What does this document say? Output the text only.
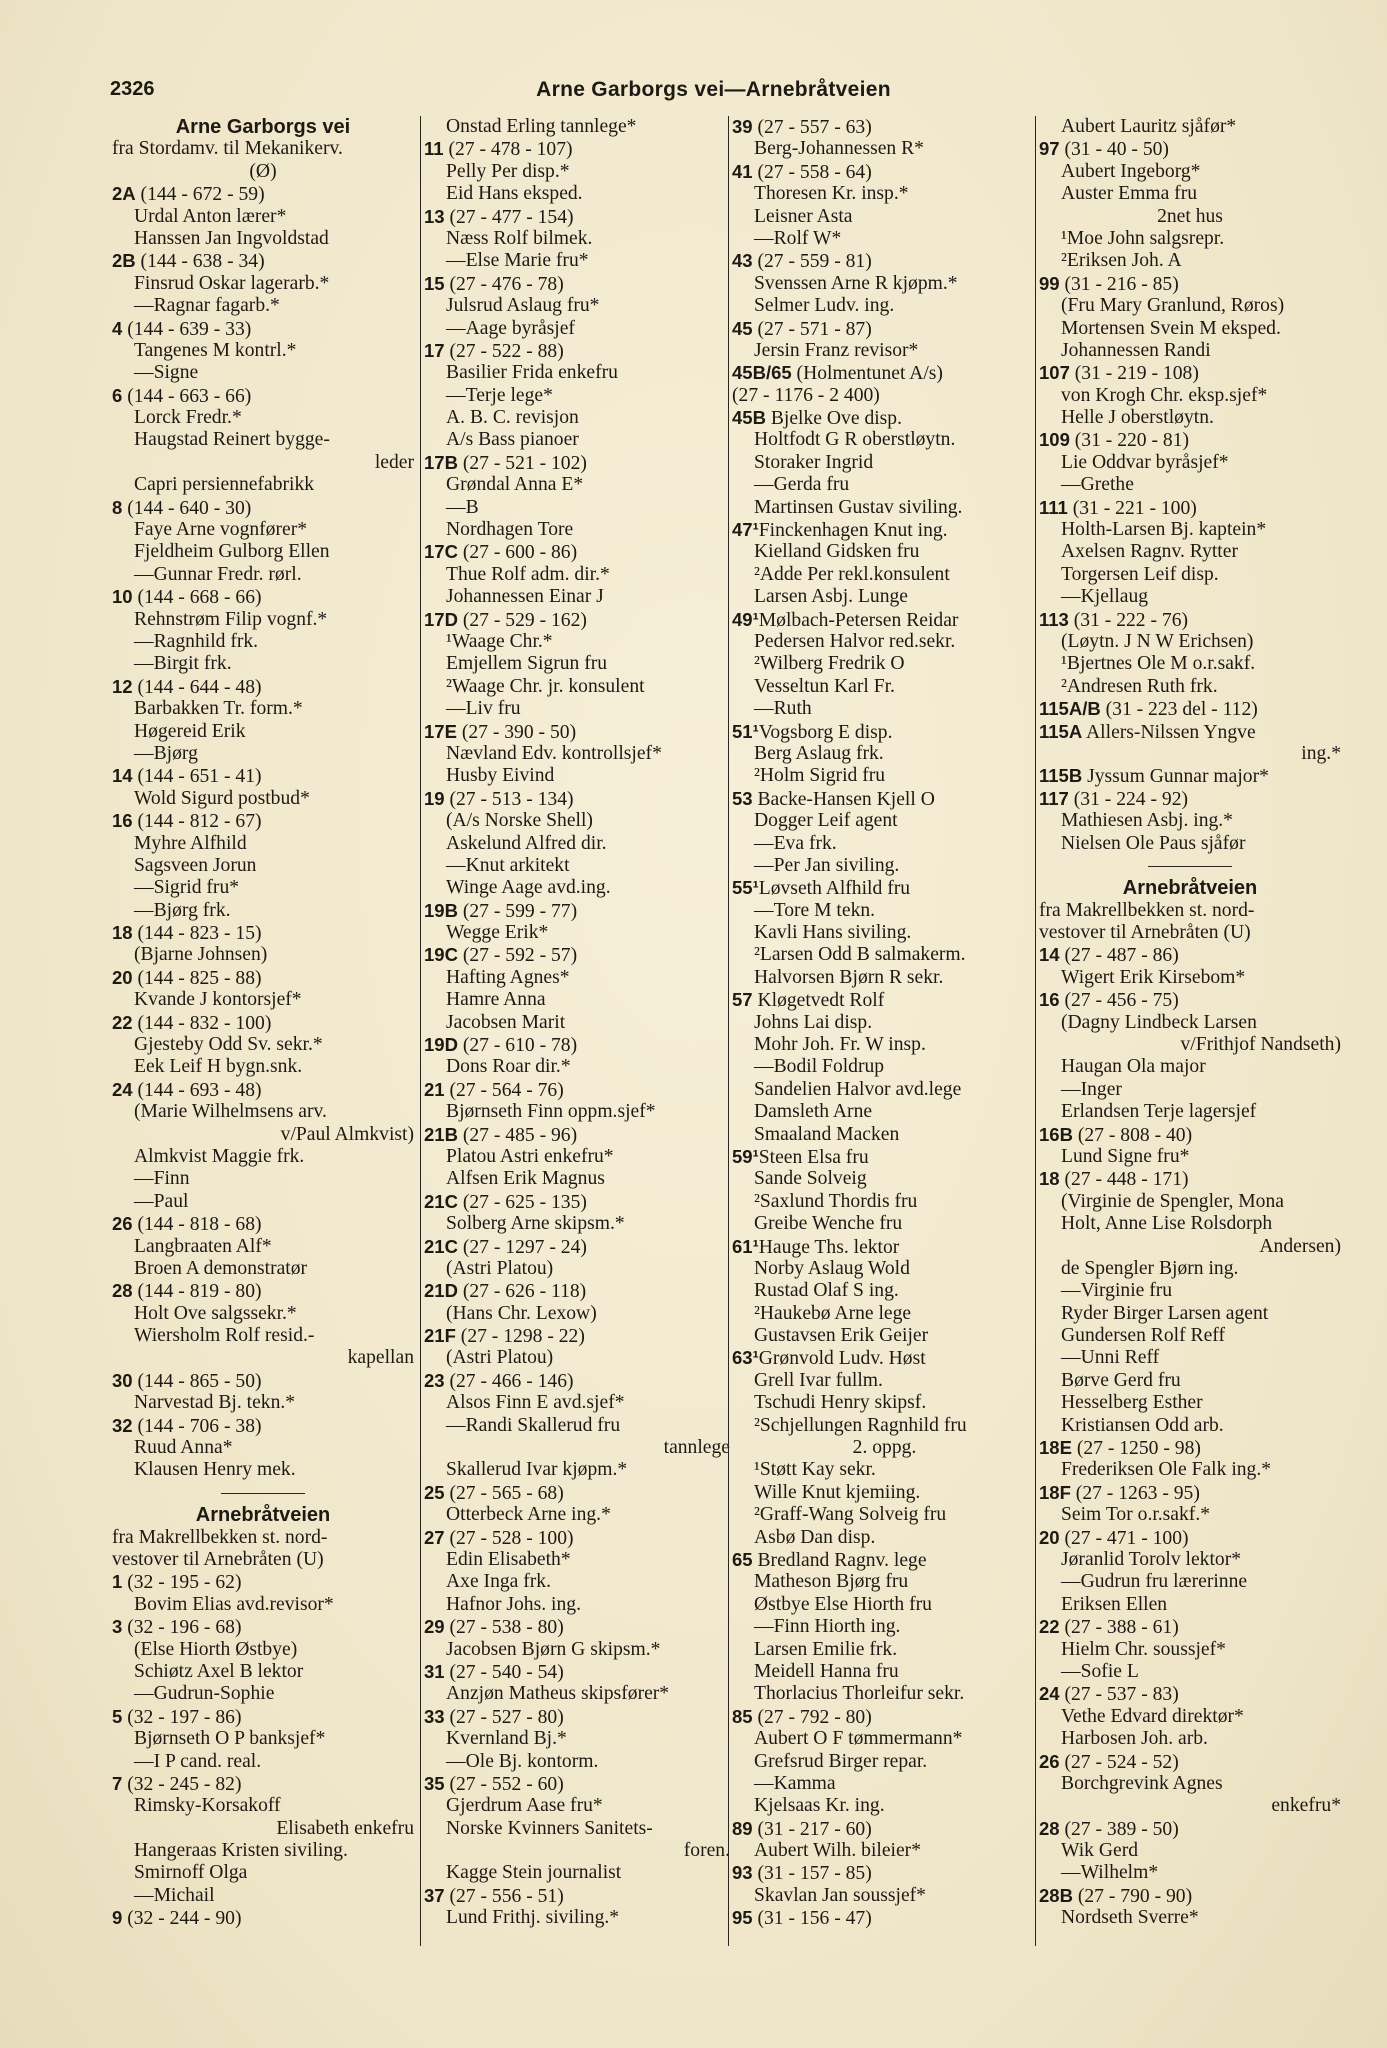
2326	Arne Garborgs vei—Arnebråtveien
Arne Garborgs vei
fra Stordamv. til Mekanikerv.
(Ø)
2A (144 - 672 - 59)
Urdal Anton lærer*
Hanssen Jan Ingvoldstad
2B (144 - 638 - 34)
Finsrud Oskar lagerarb.*
—Ragnar fagarb.*
4 (144 - 639 - 33)
Tangenes M kontrl.*
—Signe
6 (144 - 663 - 66)
Lorck Fredr.*
Haugstad Reinert bygge-
leder
Capri persiennefabrikk
8 (144 - 640 - 30)
Faye Arne vognfører*
Fjeldheim Gulborg Ellen
—Gunnar Fredr. rørl.
10 (144 - 668 - 66)
Rehnstrøm Filip vognf.*
—Ragnhild frk.
—Birgit frk.
12 (144 - 644 - 48)
Barbakken Tr. form.*
Høgereid Erik
—Bjørg
14 (144 - 651 - 41)
Wold Sigurd postbud*
16 (144 - 812 - 67)
Myhre Alfhild
Sagsveen Jorun
—Sigrid fru*
—Bjørg frk.
18 (144 - 823 - 15)
(Bjarne Johnsen)
20 (144 - 825 - 88)
Kvande J kontorsjef*
22 (144 - 832 - 100)
Gjesteby Odd Sv. sekr.*
Eek Leif H bygn.snk.
24 (144 - 693 - 48)
(Marie Wilhelmsens arv.
v/Paul Almkvist)
Almkvist Maggie frk.
—Finn
—Paul
26 (144 - 818 - 68)
Langbraaten Alf*
Broen A demonstratør
28 (144 - 819 - 80)
Holt Ove salgssekr.*
Wiersholm Rolf resid.-
kapellan
30 (144 - 865 - 50)
Narvestad Bj. tekn.*
32 (144 - 706 - 38)
Ruud Anna*
Klausen Henry mek.
Arnebråtveien
fra Makrellbekken st. nord-
vestover til Arnebråten (U)
1 (32 - 195 - 62)
Bovim Elias avd.revisor*
3 (32 - 196 - 68)
(Else Hiorth Østbye)
Schiøtz Axel B lektor
—Gudrun-Sophie
5 (32 - 197 - 86)
Bjørnseth O P banksjef*
—I P cand. real.
7 (32 - 245 - 82)
Rimsky-Korsakoff
Elisabeth enkefru
Hangeraas Kristen siviling.
Smirnoff Olga
—Michail
9 (32 - 244 - 90)
Onstad Erling tannlege*
11 (27 - 478 - 107)
Pelly Per disp.*
Eid Hans eksped.
13 (27 - 477 - 154)
Næss Rolf bilmek.
—Else Marie fru*
15 (27 - 476 - 78)
Julsrud Aslaug fru*
—Aage byråsjef
17 (27 - 522 - 88)
Basilier Frida enkefru
—Terje lege*
A. B. C. revisjon
A/s Bass pianoer
17B (27 - 521 - 102)
Grøndal Anna E*
—B
Nordhagen Tore
17C (27 - 600 - 86)
Thue Rolf adm. dir.*
Johannessen Einar J
17D (27 - 529 - 162)
¹Waage Chr.*
Emjellem Sigrun fru
²Waage Chr. jr. konsulent
—Liv fru
17E (27 - 390 - 50)
Nævland Edv. kontrollsjef*
Husby Eivind
19 (27 - 513 - 134)
(A/s Norske Shell)
Askelund Alfred dir.
—Knut arkitekt
Winge Aage avd.ing.
19B (27 - 599 - 77)
Wegge Erik*
19C (27 - 592 - 57)
Hafting Agnes*
Hamre Anna
Jacobsen Marit
19D (27 - 610 - 78)
Dons Roar dir.*
21 (27 - 564 - 76)
Bjørnseth Finn oppm.sjef*
21B (27 - 485 - 96)
Platou Astri enkefru*
Alfsen Erik Magnus
21C (27 - 625 - 135)
Solberg Arne skipsm.*
21C (27 - 1297 - 24)
(Astri Platou)
21D (27 - 626 - 118)
(Hans Chr. Lexow)
21F (27 - 1298 - 22)
(Astri Platou)
23 (27 - 466 - 146)
Alsos Finn E avd.sjef*
—Randi Skallerud fru
tannlege
Skallerud Ivar kjøpm.*
25 (27 - 565 - 68)
Otterbeck Arne ing.*
27 (27 - 528 - 100)
Edin Elisabeth*
Axe Inga frk.
Hafnor Johs. ing.
29 (27 - 538 - 80)
Jacobsen Bjørn G skipsm.*
31 (27 - 540 - 54)
Anzjøn Matheus skipsfører*
33 (27 - 527 - 80)
Kvernland Bj.*
—Ole Bj. kontorm.
35 (27 - 552 - 60)
Gjerdrum Aase fru*
Norske Kvinners Sanitets-
foren.
Kagge Stein journalist
37 (27 - 556 - 51)
Lund Frithj. siviling.*
39 (27 - 557 - 63)
Berg-Johannessen R*
41 (27 - 558 - 64)
Thoresen Kr. insp.*
Leisner Asta
—Rolf W*
43 (27 - 559 - 81)
Svenssen Arne R kjøpm.*
Selmer Ludv. ing.
45 (27 - 571 - 87)
Jersin Franz revisor*
45B/65 (Holmentunet A/s)
(27 - 1176 - 2 400)
45B Bjelke Ove disp.
Holtfodt G R oberstløytn.
Storaker Ingrid
—Gerda fru
Martinsen Gustav siviling.
47¹Finckenhagen Knut ing.
Kielland Gidsken fru
²Adde Per rekl.konsulent
Larsen Asbj. Lunge
49¹Mølbach-Petersen Reidar
Pedersen Halvor red.sekr.
²Wilberg Fredrik O
Vesseltun Karl Fr.
—Ruth
51¹Vogsborg E disp.
Berg Aslaug frk.
²Holm Sigrid fru
53 Backe-Hansen Kjell O
Dogger Leif agent
—Eva frk.
—Per Jan siviling.
55¹Løvseth Alfhild fru
—Tore M tekn.
Kavli Hans siviling.
²Larsen Odd B salmakerm.
Halvorsen Bjørn R sekr.
57 Kløgetvedt Rolf
Johns Lai disp.
Mohr Joh. Fr. W insp.
—Bodil Foldrup
Sandelien Halvor avd.lege
Damsleth Arne
Smaaland Macken
59¹Steen Elsa fru
Sande Solveig
²Saxlund Thordis fru
Greibe Wenche fru
61¹Hauge Ths. lektor
Norby Aslaug Wold
Rustad Olaf S ing.
²Haukebø Arne lege
Gustavsen Erik Geijer
63¹Grønvold Ludv. Høst
Grell Ivar fullm.
Tschudi Henry skipsf.
²Schjellungen Ragnhild fru
2. oppg.
¹Støtt Kay sekr.
Wille Knut kjemiing.
²Graff-Wang Solveig fru
Asbø Dan disp.
65 Bredland Ragnv. lege
Matheson Bjørg fru
Østbye Else Hiorth fru
—Finn Hiorth ing.
Larsen Emilie frk.
Meidell Hanna fru
Thorlacius Thorleifur sekr.
85 (27 - 792 - 80)
Aubert O F tømmermann*
Grefsrud Birger repar.
—Kamma
Kjelsaas Kr. ing.
89 (31 - 217 - 60)
Aubert Wilh. bileier*
93 (31 - 157 - 85)
Skavlan Jan soussjef*
95 (31 - 156 - 47)
Aubert Lauritz sjåfør*
97 (31 - 40 - 50)
Aubert Ingeborg*
Auster Emma fru
2net hus
¹Moe John salgsrepr.
²Eriksen Joh. A
99 (31 - 216 - 85)
(Fru Mary Granlund, Røros)
Mortensen Svein M eksped.
Johannessen Randi
107 (31 - 219 - 108)
von Krogh Chr. eksp.sjef*
Helle J oberstløytn.
109 (31 - 220 - 81)
Lie Oddvar byråsjef*
—Grethe
111 (31 - 221 - 100)
Holth-Larsen Bj. kaptein*
Axelsen Ragnv. Rytter
Torgersen Leif disp.
—Kjellaug
113 (31 - 222 - 76)
(Løytn. J N W Erichsen)
¹Bjertnes Ole M o.r.sakf.
²Andresen Ruth frk.
115A/B (31 - 223 del - 112)
115A Allers-Nilssen Yngve
ing.*
115B Jyssum Gunnar major*
117 (31 - 224 - 92)
Mathiesen Asbj. ing.*
Nielsen Ole Paus sjåfør
Arnebråtveien
fra Makrellbekken st. nord-
vestover til Arnebråten (U)
14 (27 - 487 - 86)
Wigert Erik Kirsebom*
16 (27 - 456 - 75)
(Dagny Lindbeck Larsen
v/Frithjof Nandseth)
Haugan Ola major
—Inger
Erlandsen Terje lagersjef
16B (27 - 808 - 40)
Lund Signe fru*
18 (27 - 448 - 171)
(Virginie de Spengler, Mona
Holt, Anne Lise Rolsdorph
Andersen)
de Spengler Bjørn ing.
—Virginie fru
Ryder Birger Larsen agent
Gundersen Rolf Reff
—Unni Reff
Børve Gerd fru
Hesselberg Esther
Kristiansen Odd arb.
18E (27 - 1250 - 98)
Frederiksen Ole Falk ing.*
18F (27 - 1263 - 95)
Seim Tor o.r.sakf.*
20 (27 - 471 - 100)
Jøranlid Torolv lektor*
—Gudrun fru lærerinne
Eriksen Ellen
22 (27 - 388 - 61)
Hielm Chr. soussjef*
—Sofie L
24 (27 - 537 - 83)
Vethe Edvard direktør*
Harbosen Joh. arb.
26 (27 - 524 - 52)
Borchgrevink Agnes
enkefru*
28 (27 - 389 - 50)
Wik Gerd
—Wilhelm*
28B (27 - 790 - 90)
Nordseth Sverre*
